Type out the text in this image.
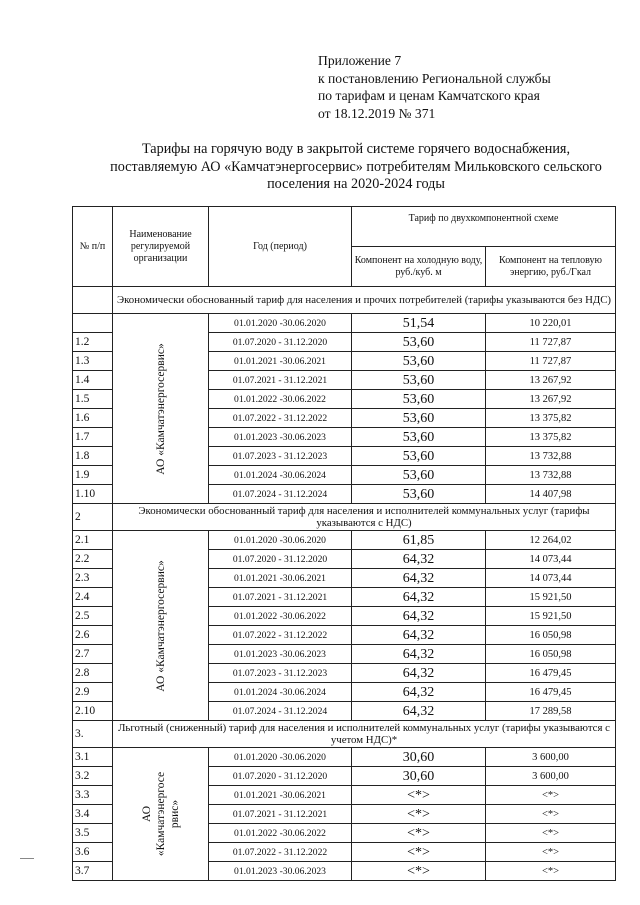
Приложение 7
к постановлению Региональной службы
по тарифам и ценам Камчатского края
от 18.12.2019 № 371
Тарифы на горячую воду в закрытой системе горячего водоснабжения, поставляемую АО «Камчатэнергосервис» потребителям Мильковского сельского поселения на 2020-2024 годы
№ п/п	Наименование регулируемой организации	Год (период)	Тариф по двухкомпонентной схеме	
			Компонент на холодную воду, руб./куб. м	Компонент на тепловую энергию, руб./Гкал
	Экономически обоснованный тариф для населения и прочих потребителей (тарифы указываются без НДС)			

	АО «Камчатэнергосервис»	01.01.2020 -30.06.2020	51,54	10 220,01
1.2		01.07.2020 - 31.12.2020	53,60	11 727,87
1.3		01.01.2021 -30.06.2021	53,60	11 727,87
1.4		01.07.2021 - 31.12.2021	53,60	13 267,92
1.5		01.01.2022 -30.06.2022	53,60	13 267,92
1.6		01.07.2022 - 31.12.2022	53,60	13 375,82
1.7		01.01.2023 -30.06.2023	53,60	13 375,82
1.8		01.07.2023 - 31.12.2023	53,60	13 732,88
1.9		01.01.2024 -30.06.2024	53,60	13 732,88
1.10		01.07.2024 - 31.12.2024	53,60	14 407,98
2	Экономически обоснованный тариф для населения и исполнителей коммунальных услуг (тарифы указываются с НДС)			
2.1	АО «Камчатэнергосервис»	01.01.2020 -30.06.2020	61,85	12 264,02
2.2		01.07.2020 - 31.12.2020	64,32	14 073,44
2.3		01.01.2021 -30.06.2021	64,32	14 073,44
2.4		01.07.2021 - 31.12.2021	64,32	15 921,50
2.5		01.01.2022 -30.06.2022	64,32	15 921,50
2.6		01.07.2022 - 31.12.2022	64,32	16 050,98
2.7		01.01.2023 -30.06.2023	64,32	16 050,98
2.8		01.07.2023 - 31.12.2023	64,32	16 479,45
2.9		01.01.2024 -30.06.2024	64,32	16 479,45
2.10		01.07.2024 - 31.12.2024	64,32	17 289,58
3.	Льготный (сниженный) тариф для населения и исполнителей коммунальных услуг (тарифы указываются с учетом НДС)*			
3.1	АО «Камчатэнергосе рвис»	01.01.2020 -30.06.2020	30,60	3 600,00
3.2		01.07.2020 - 31.12.2020	30,60	3 600,00
3.3		01.01.2021 -30.06.2021	<*>	<*>
3.4		01.07.2021 - 31.12.2021	<*>	<*>
3.5		01.01.2022 -30.06.2022	<*>	<*>
3.6		01.07.2022 - 31.12.2022	<*>	<*>
3.7		01.01.2023 -30.06.2023	<*>	<*>
